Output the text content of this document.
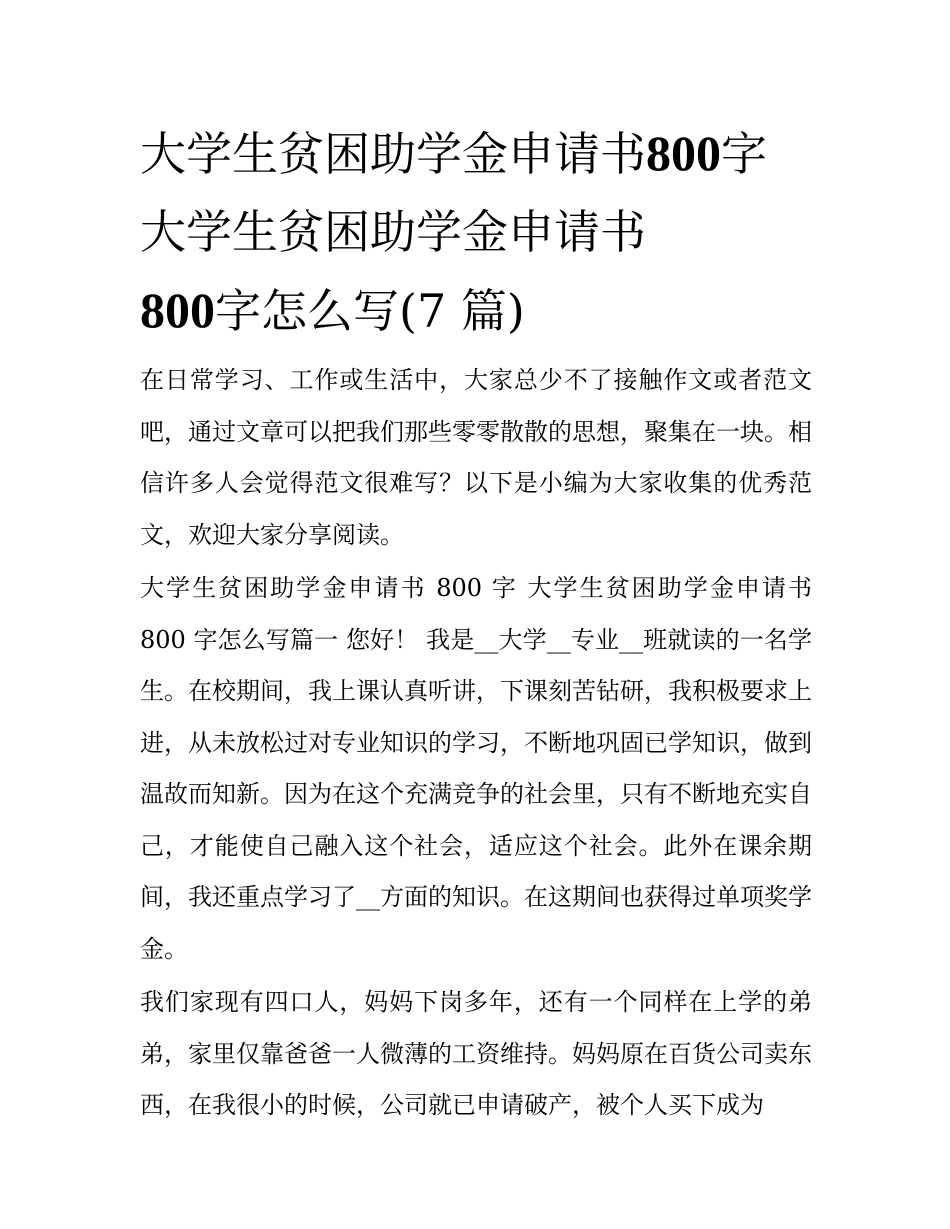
大学生贫困助学金申请书800字 大学生贫困助学金申请书
800字怎么写(7 篇)

在日常学习、工作或生活中，大家总少不了接触作文或者范文吧，通过文章可以把我们那些零零散散的思想，聚集在一块。相信许多人会觉得范文很难写？以下是小编为大家收集的优秀范文，欢迎大家分享阅读。

大学生贫困助学金申请书 800 字 大学生贫困助学金申请书 800 字怎么写篇一 您好！ 我是__大学__专业__班就读的一名学生。在校期间，我上课认真听讲，下课刻苦钻研，我积极要求上进，从未放松过对专业知识的学习，不断地巩固已学知识，做到温故而知新。因为在这个充满竞争的社会里，只有不断地充实自己，才能使自己融入这个社会，适应这个社会。此外在课余期间，我还重点学习了__方面的知识。在这期间也获得过单项奖学金。

我们家现有四口人，妈妈下岗多年，还有一个同样在上学的弟弟，家里仅靠爸爸一人微薄的工资维持。妈妈原在百货公司卖东西，在我很小的时候，公司就已申请破产，被个人买下成为
